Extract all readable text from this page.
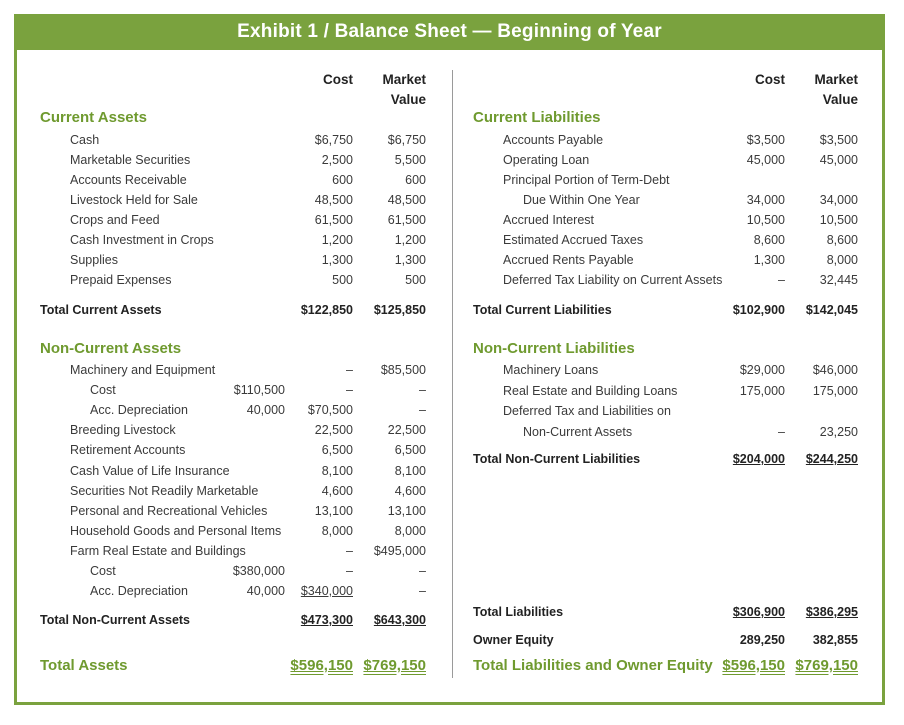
Exhibit 1 / Balance Sheet — Beginning of Year
Cost	Market
Value
Cost	Market
Value
Current Assets
Non-Current Assets
Current Liabilities
Non-Current Liabilities
Cash	$6,750	$6,750
Marketable Securities	2,500	5,500
Accounts Receivable	600	600
Livestock Held for Sale	48,500	48,500
Crops and Feed	61,500	61,500
Cash Investment in Crops	1,200	1,200
Supplies	1,300	1,300
Prepaid Expenses	500	500
Machinery and Equipment	–	$85,500
Cost	$110,500	–	–
Acc. Depreciation	40,000	$70,500	–
Breeding Livestock	22,500	22,500
Retirement Accounts	6,500	6,500
Cash Value of Life Insurance	8,100	8,100
Securities Not Readily Marketable	4,600	4,600
Personal and Recreational Vehicles	13,100	13,100
Household Goods and Personal Items	8,000	8,000
Farm Real Estate and Buildings	–	$495,000
Cost	$380,000	–	–
Acc. Depreciation	40,000	$340,000	–
Accounts Payable	$3,500	$3,500
Operating Loan	45,000	45,000
Principal Portion of Term-Debt
Due Within One Year	34,000	34,000
Accrued Interest	10,500	10,500
Estimated Accrued Taxes	8,600	8,600
Accrued Rents Payable	1,300	8,000
Deferred Tax Liability on Current Assets	–	32,445
Machinery Loans	$29,000	$46,000
Real Estate and Building Loans	175,000	175,000
Deferred Tax and Liabilities on
Non-Current Assets	–	23,250
Total Current Assets	$122,850	$125,850
Total Non-Current Assets	$473,300	$643,300
Total Assets	$596,150 $769,150
Total Current Liabilities	$102,900	$142,045
Total Non-Current Liabilities	$204,000	$244,250
Total Liabilities	$306,900	$386,295
Owner Equity	289,250	382,855
Total Liabilities and Owner Equity $596,150 $769,150
